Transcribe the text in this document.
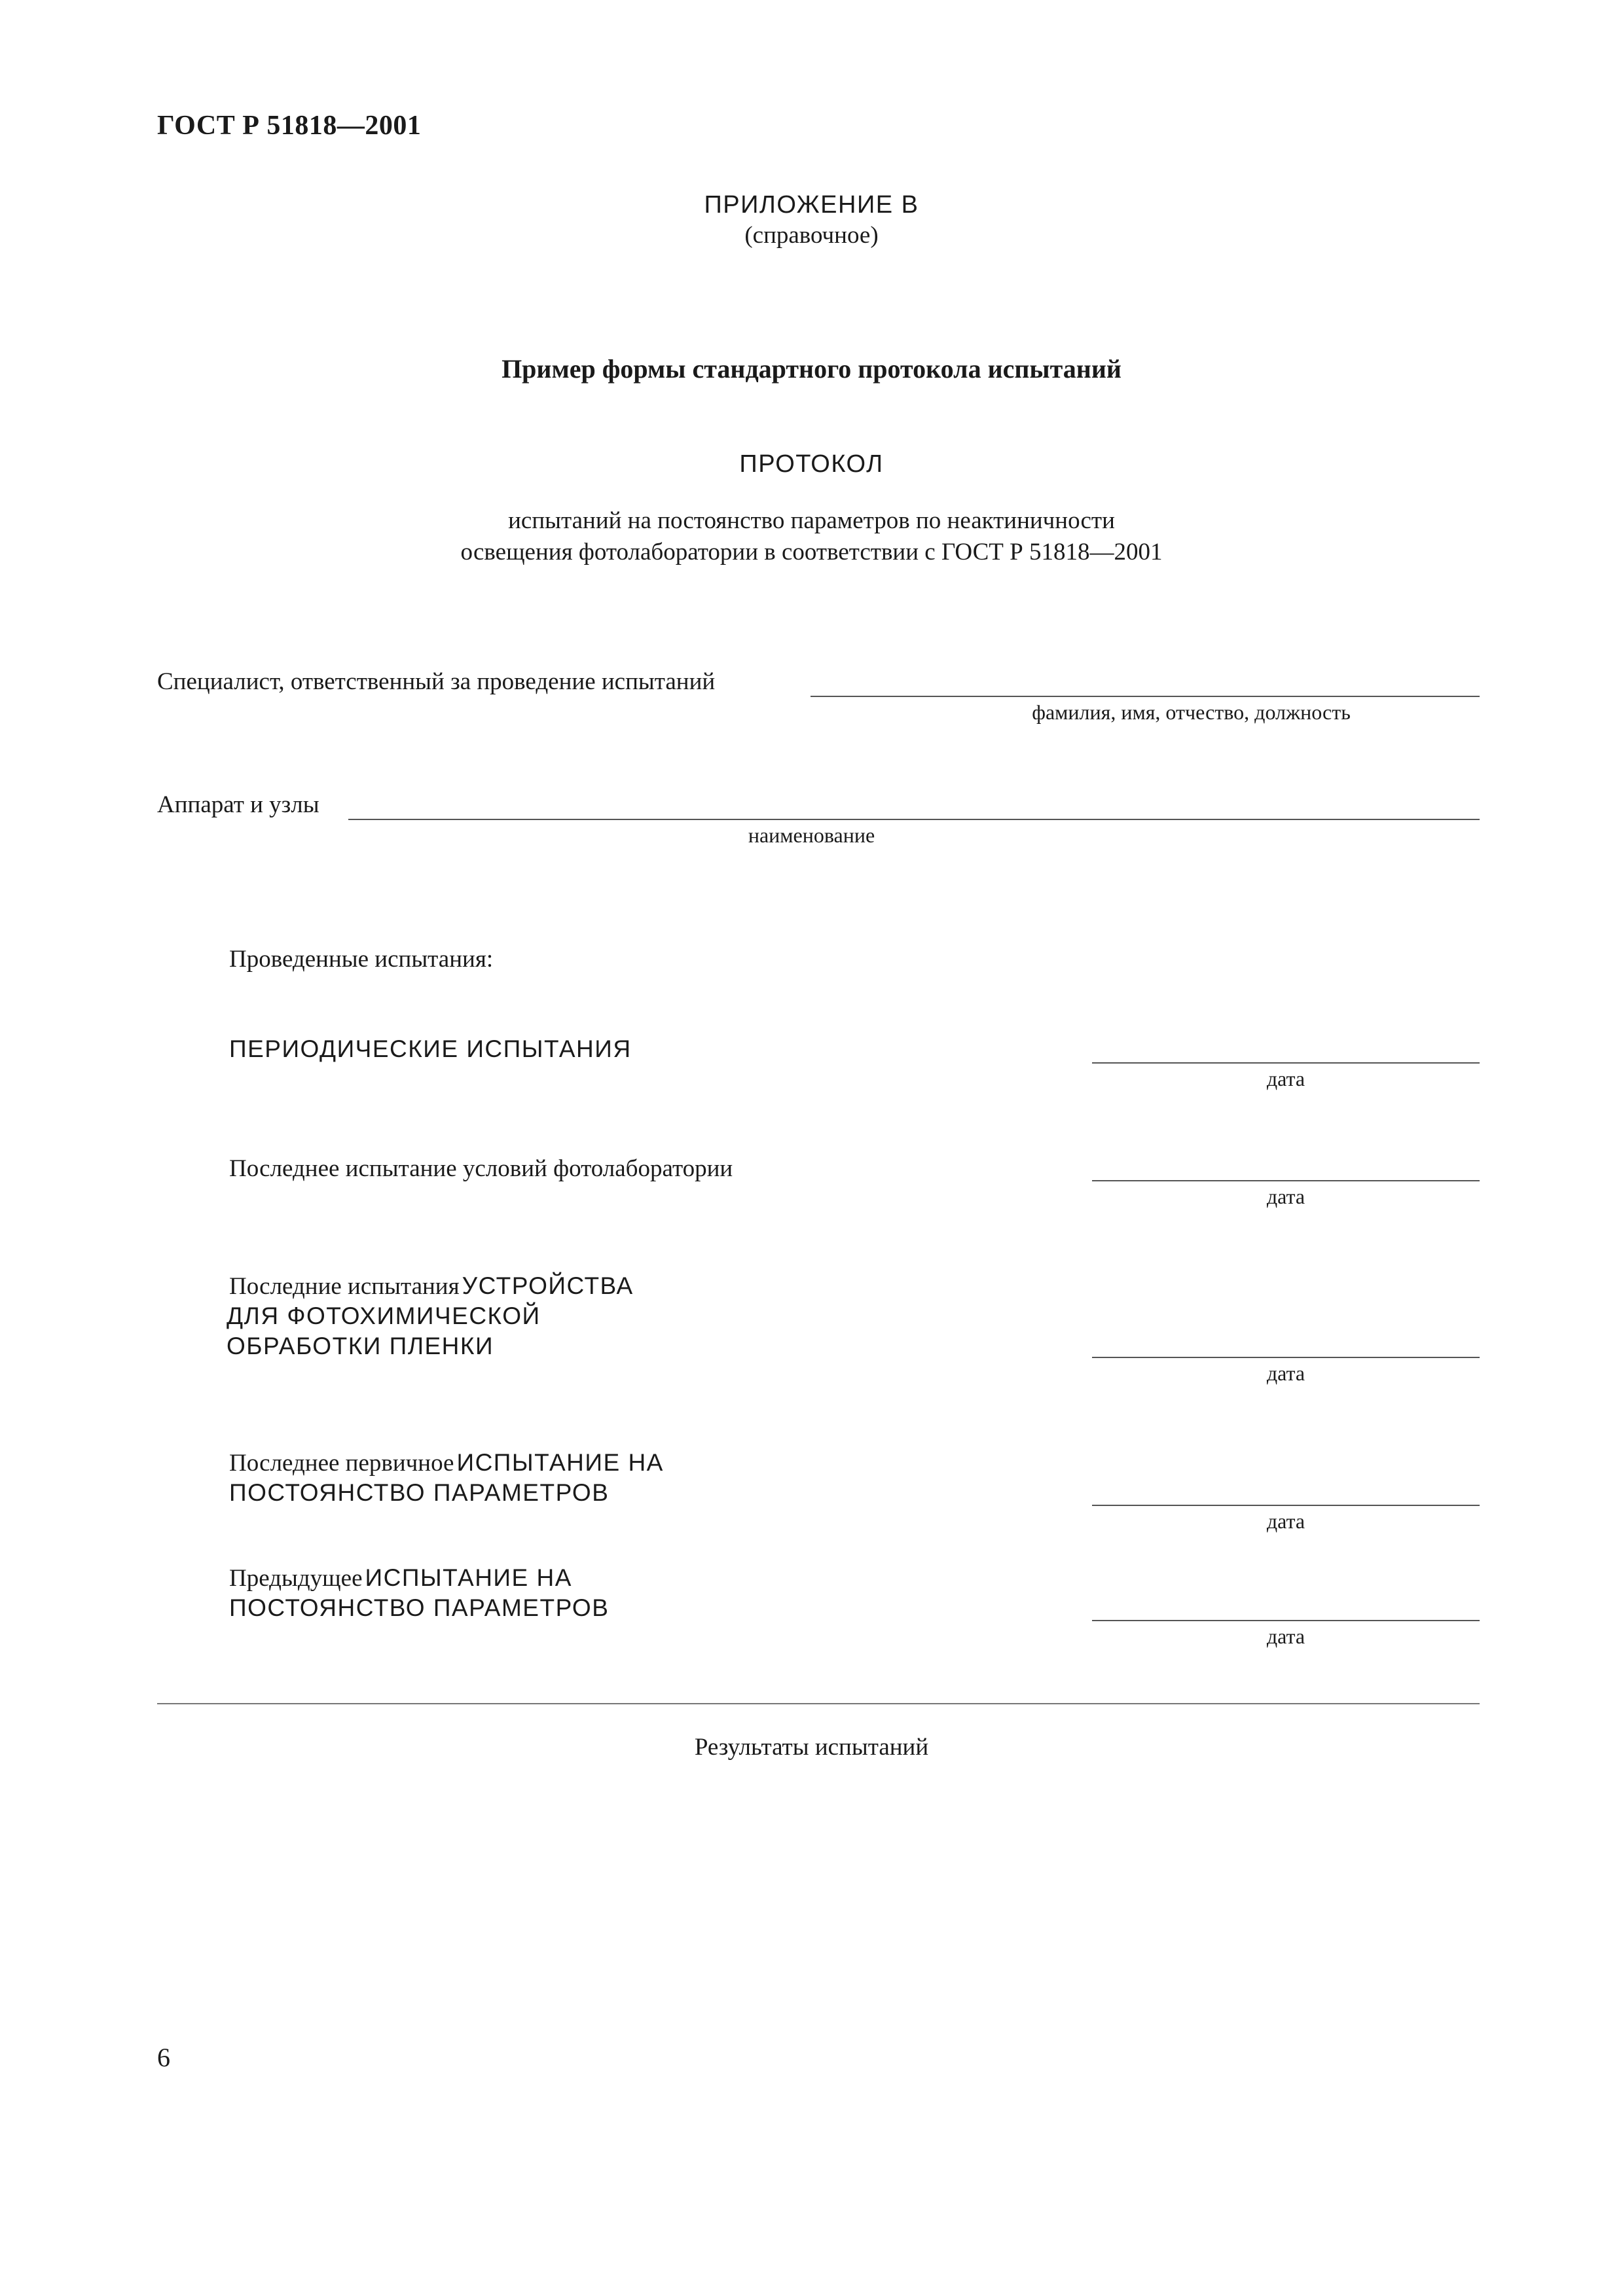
ГОСТ Р 51818—2001
ПРИЛОЖЕНИЕ В
(справочное)
Пример формы стандартного протокола испытаний
ПРОТОКОЛ
испытаний на постоянство параметров по неактиничности
освещения фотолаборатории в соответствии с ГОСТ Р 51818—2001
Специалист, ответственный за проведение испытаний
фамилия, имя, отчество, должность
Аппарат и узлы
наименование
Проведенные испытания:
ПЕРИОДИЧЕСКИЕ ИСПЫТАНИЯ
дата
Последнее испытание условий фотолаборатории
дата
Последние испытания УСТРОЙСТВА
ДЛЯ ФОТОХИМИЧЕСКОЙ
ОБРАБОТКИ ПЛЕНКИ
дата
Последнее первичное ИСПЫТАНИЕ НА
ПОСТОЯНСТВО ПАРАМЕТРОВ
дата
Предыдущее ИСПЫТАНИЕ НА
ПОСТОЯНСТВО ПАРАМЕТРОВ
дата
Результаты испытаний
6
